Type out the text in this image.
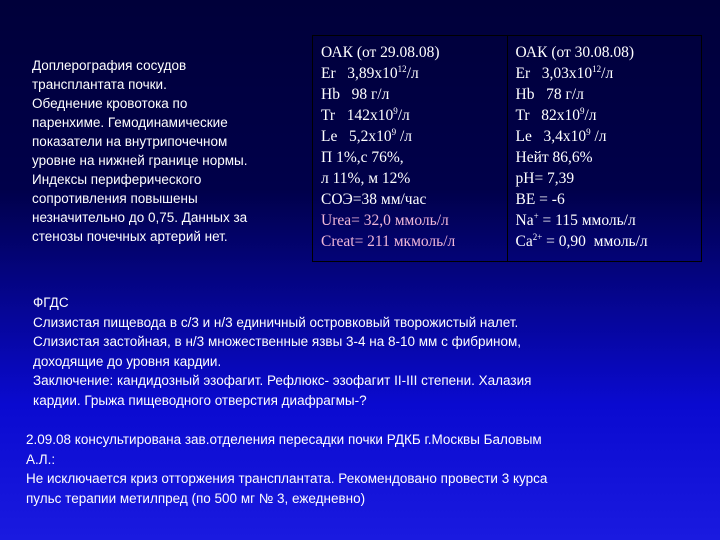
Доплерография сосудов
трансплантата почки.
Обеднение кровотока по
паренхиме. Гемодинамические
показатели на внутрипочечном
уровне на нижней границе нормы.
Индексы периферического
сопротивления повышены
незначительно до 0,75. Данных за
стенозы почечных артерий нет.
ОАК (от 29.08.08)
Er $3,89х10^{12}/л$
Hb   98 г/л
Tr $142х10^9/л$
Le $5,2х10^9$ /л
П 1%,с 76%,
л 11%, м 12%
СОЭ=38 мм/час
Urea= 32,0 ммоль/л
Creat= 211 мкмоль/л

ОАК (от 30.08.08)
Er $3,03х10^{12}/л$
Hb   78 г/л
Tr $82х10^9/л$
Le $3,4х10^9$ /л
Нейт 86,6%
pH= 7,39
BE = -6
Na+ = 115 ммоль/л
$Ca^{2+} = 0,90$  ммоль/л
ФГДС
Слизистая пищевода в с/3 и н/3 единичный островковый творожистый налет.
Слизистая застойная, в н/3 множественные язвы 3-4 на 8-10 мм с фибрином,
доходящие до уровня кардии.
Заключение: кандидозный эзофагит. Рефлюкс- эзофагит II-III степени. Халазия
кардии. Грыжа пищеводного отверстия диафрагмы-?
2.09.08 консультирована зав.отделения пересадки почки РДКБ г.Москвы Баловым
А.Л.:
Не исключается криз отторжения трансплантата. Рекомендовано провести 3 курса
пульс терапии метилпред (по 500 мг № 3, ежедневно)
